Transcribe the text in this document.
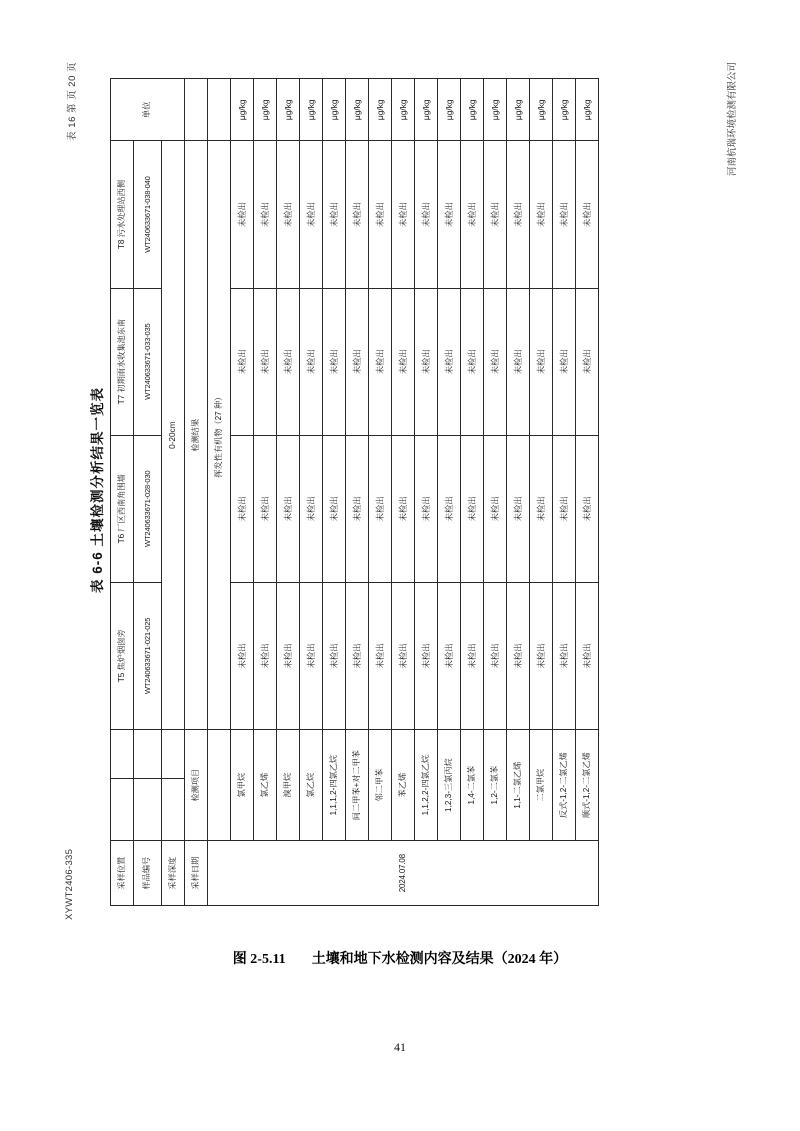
XYWT2406-335
表 16 第 页 20 页	河南杭瑞环境检测有限公司
表 6-6 土壤检测分析结果一览表
采样位置			T5 焦炉烟囱旁	T6 厂区西南角围墙	T7 初期雨水收集池东南	T8 污水处理站西侧	单位
样品编号			WT240633671-021-025	WT240633671-028-030	WT240633671-033-035	WT240633671-038-040	
采样深度			0-20cm				
采样日期	检测项目		检测结果				
2024.07.08			挥发性有机物（27 种）				
	氯甲烷		未检出	未检出	未检出	未检出	μg/kg
	氯乙烯		未检出	未检出	未检出	未检出	μg/kg
	溴甲烷		未检出	未检出	未检出	未检出	μg/kg
	氯乙烷		未检出	未检出	未检出	未检出	μg/kg
	1,1,1,2-四氯乙烷		未检出	未检出	未检出	未检出	μg/kg
	间二甲苯+对二甲苯		未检出	未检出	未检出	未检出	μg/kg
	邻二甲苯		未检出	未检出	未检出	未检出	μg/kg
	苯乙烯		未检出	未检出	未检出	未检出	μg/kg
	1,1,2,2-四氯乙烷		未检出	未检出	未检出	未检出	μg/kg
	1,2,3-三氯丙烷		未检出	未检出	未检出	未检出	μg/kg
	1,4-二氯苯		未检出	未检出	未检出	未检出	μg/kg
	1,2-二氯苯		未检出	未检出	未检出	未检出	μg/kg
	1,1-二氯乙烯		未检出	未检出	未检出	未检出	μg/kg
	二氯甲烷		未检出	未检出	未检出	未检出	μg/kg
	反式-1,2-二氯乙烯		未检出	未检出	未检出	未检出	μg/kg
	顺式-1,2-二氯乙烯		未检出	未检出	未检出	未检出	μg/kg
图 2-5.11 土壤和地下水检测内容及结果（2024 年）
41
